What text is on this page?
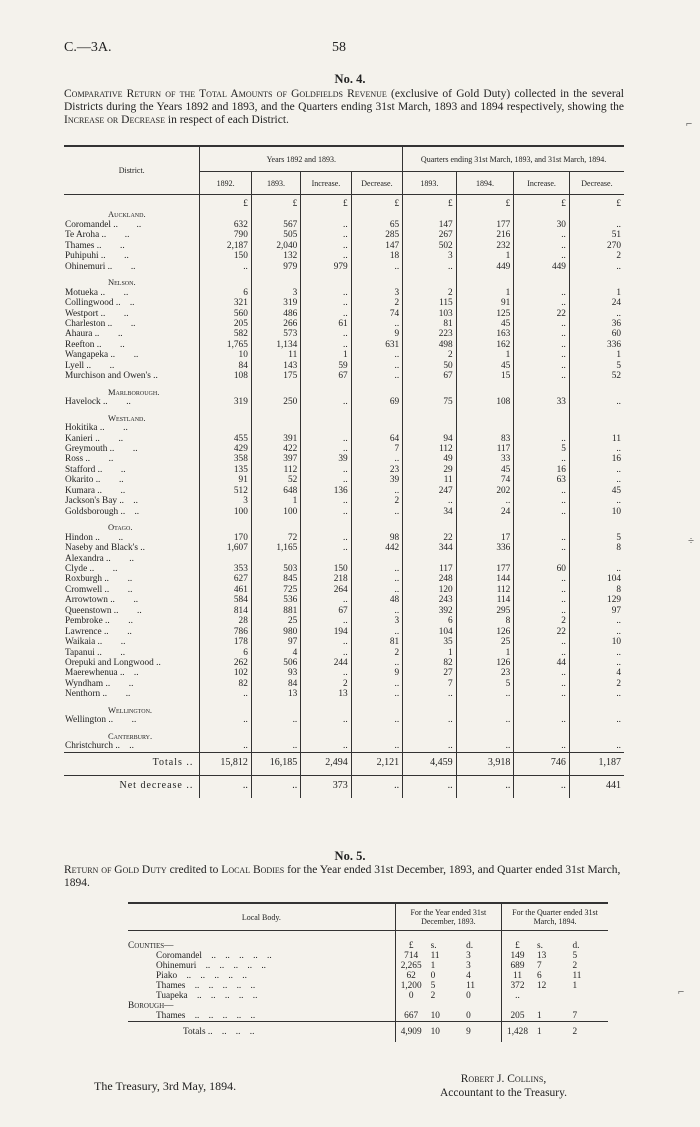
C.—3A.	58
No. 4.
Comparative Return of the Total Amounts of Goldfields Revenue (exclusive of Gold Duty) collected in the several Districts during the Years 1892 and 1893, and the Quarters ending 31st March, 1893 and 1894 respectively, showing the Increase or Decrease in respect of each District.
District.	Years 1892 and 1893.				Quarters ending 31st March, 1893, and 31st March, 1894.			
	1892.	1893.	Increase.	Decrease.	1893.	1894.	Increase.	Decrease.
	£	£	£	£	£	£	£	£
Auckland.								
Coromandel ..  ..	632	567	..	65	147	177	30	..
Te Aroha ..  ..	790	505	..	285	267	216	..	51
Thames ..  ..	2,187	2,040	..	147	502	232	..	270
Puhipuhi ..  ..	150	132	..	18	3	1	..	2
Ohinemuri ..  ..	..	979	979	..	..	449	449	..

Nelson.								
Motueka ..  ..	6	3	..	3	2	1	..	1
Collingwood .. ..	321	319	..	2	115	91	..	24
Westport ..  ..	560	486	..	74	103	125	22	..
Charleston ..  ..	205	266	61	..	81	45	..	36
Ahaura ..  ..	582	573	..	9	223	163	..	60
Reefton ..  ..	1,765	1,134	..	631	498	162	..	336
Wangapeka ..  ..	10	11	1	..	2	1	..	1
Lyell ..  ..	84	143	59	..	50	45	..	5
Murchison and Owen's ..	108	175	67	..	67	15	..	52

Marlborough.								
Havelock ..  ..	319	250	..	69	75	108	33	..

Westland.								
Hokitika ..  ..								
Kanieri ..  ..	455	391	..	64	94	83	..	11
Greymouth ..  ..	429	422	..	7	112	117	5	..
Ross ..  ..	358	397	39	..	49	33	..	16
Stafford ..  ..	135	112	..	23	29	45	16	..
Okarito ..  ..	91	52	..	39	11	74	63	..
Kumara ..  ..	512	648	136	..	247	202	..	45
Jackson's Bay .. ..	3	1	..	2	..	..	..	..
Goldsborough .. ..	100	100	..	..	34	24	..	10

Otago.								
Hindon ..  ..	170	72	..	98	22	17	..	5
Naseby and Black's ..	1,607	1,165	..	442	344	336	..	8
Alexandra ..  ..								
Clyde ..  ..	353	503	150	..	117	177	60	..
Roxburgh ..  ..	627	845	218	..	248	144	..	104
Cromwell ..  ..	461	725	264	..	120	112	..	8
Arrowtown ..  ..	584	536	..	48	243	114	..	129
Queenstown ..  ..	814	881	67	..	392	295	..	97
Pembroke ..  ..	28	25	..	3	6	8	2	..
Lawrence ..  ..	786	980	194	..	104	126	22	..
Waikaia ..  ..	178	97	..	81	35	25	..	10
Tapanui ..  ..	6	4	..	2	1	1	..	..
Orepuki and Longwood ..	262	506	244	..	82	126	44	..
Maerewhenua .. ..	102	93	..	9	27	23	..	4
Wyndham ..  ..	82	84	2	..	7	5	..	2
Nenthorn ..  ..	..	13	13	..	..	..	..	..

Wellington.								
Wellington ..  ..	..	..	..	..	..	..	..	..

Canterbury.								
Christchurch .. ..	..	..	..	..	..	..	..	..
Totals ..	15,812	16,185	2,494	2,121	4,459	3,918	746	1,187
Net decrease ..	..	..	373	..	..	..	..	441
No. 5.
Return of Gold Duty credited to Local Bodies for the Year ended 31st December, 1893, and Quarter ended 31st March, 1894.
Local Body.	For the Year ended 31st December, 1893.			For the Quarter ended 31st March, 1894.		

Counties—	£	s.	d.	£	s.	d.
Coromandel .. .. .. .. ..	714	11	3	149	13	5
Ohinemuri .. .. .. .. ..	2,265	1	3	689	7	2
Piako .. .. .. .. ..	62	0	4	11	6	11
Thames .. .. .. .. ..	1,200	5	11	372	12	1
Tuapeka .. .. .. .. ..	0	2	0	..		
Borough—						
Thames .. .. .. .. ..	667	10	0	205	1	7
Totals .. .. .. ..	4,909	10	9	1,428	1	2
The Treasury, 3rd May, 1894.	Robert J. Collins,
Accountant to the Treasury.
⌐
÷
⌐
